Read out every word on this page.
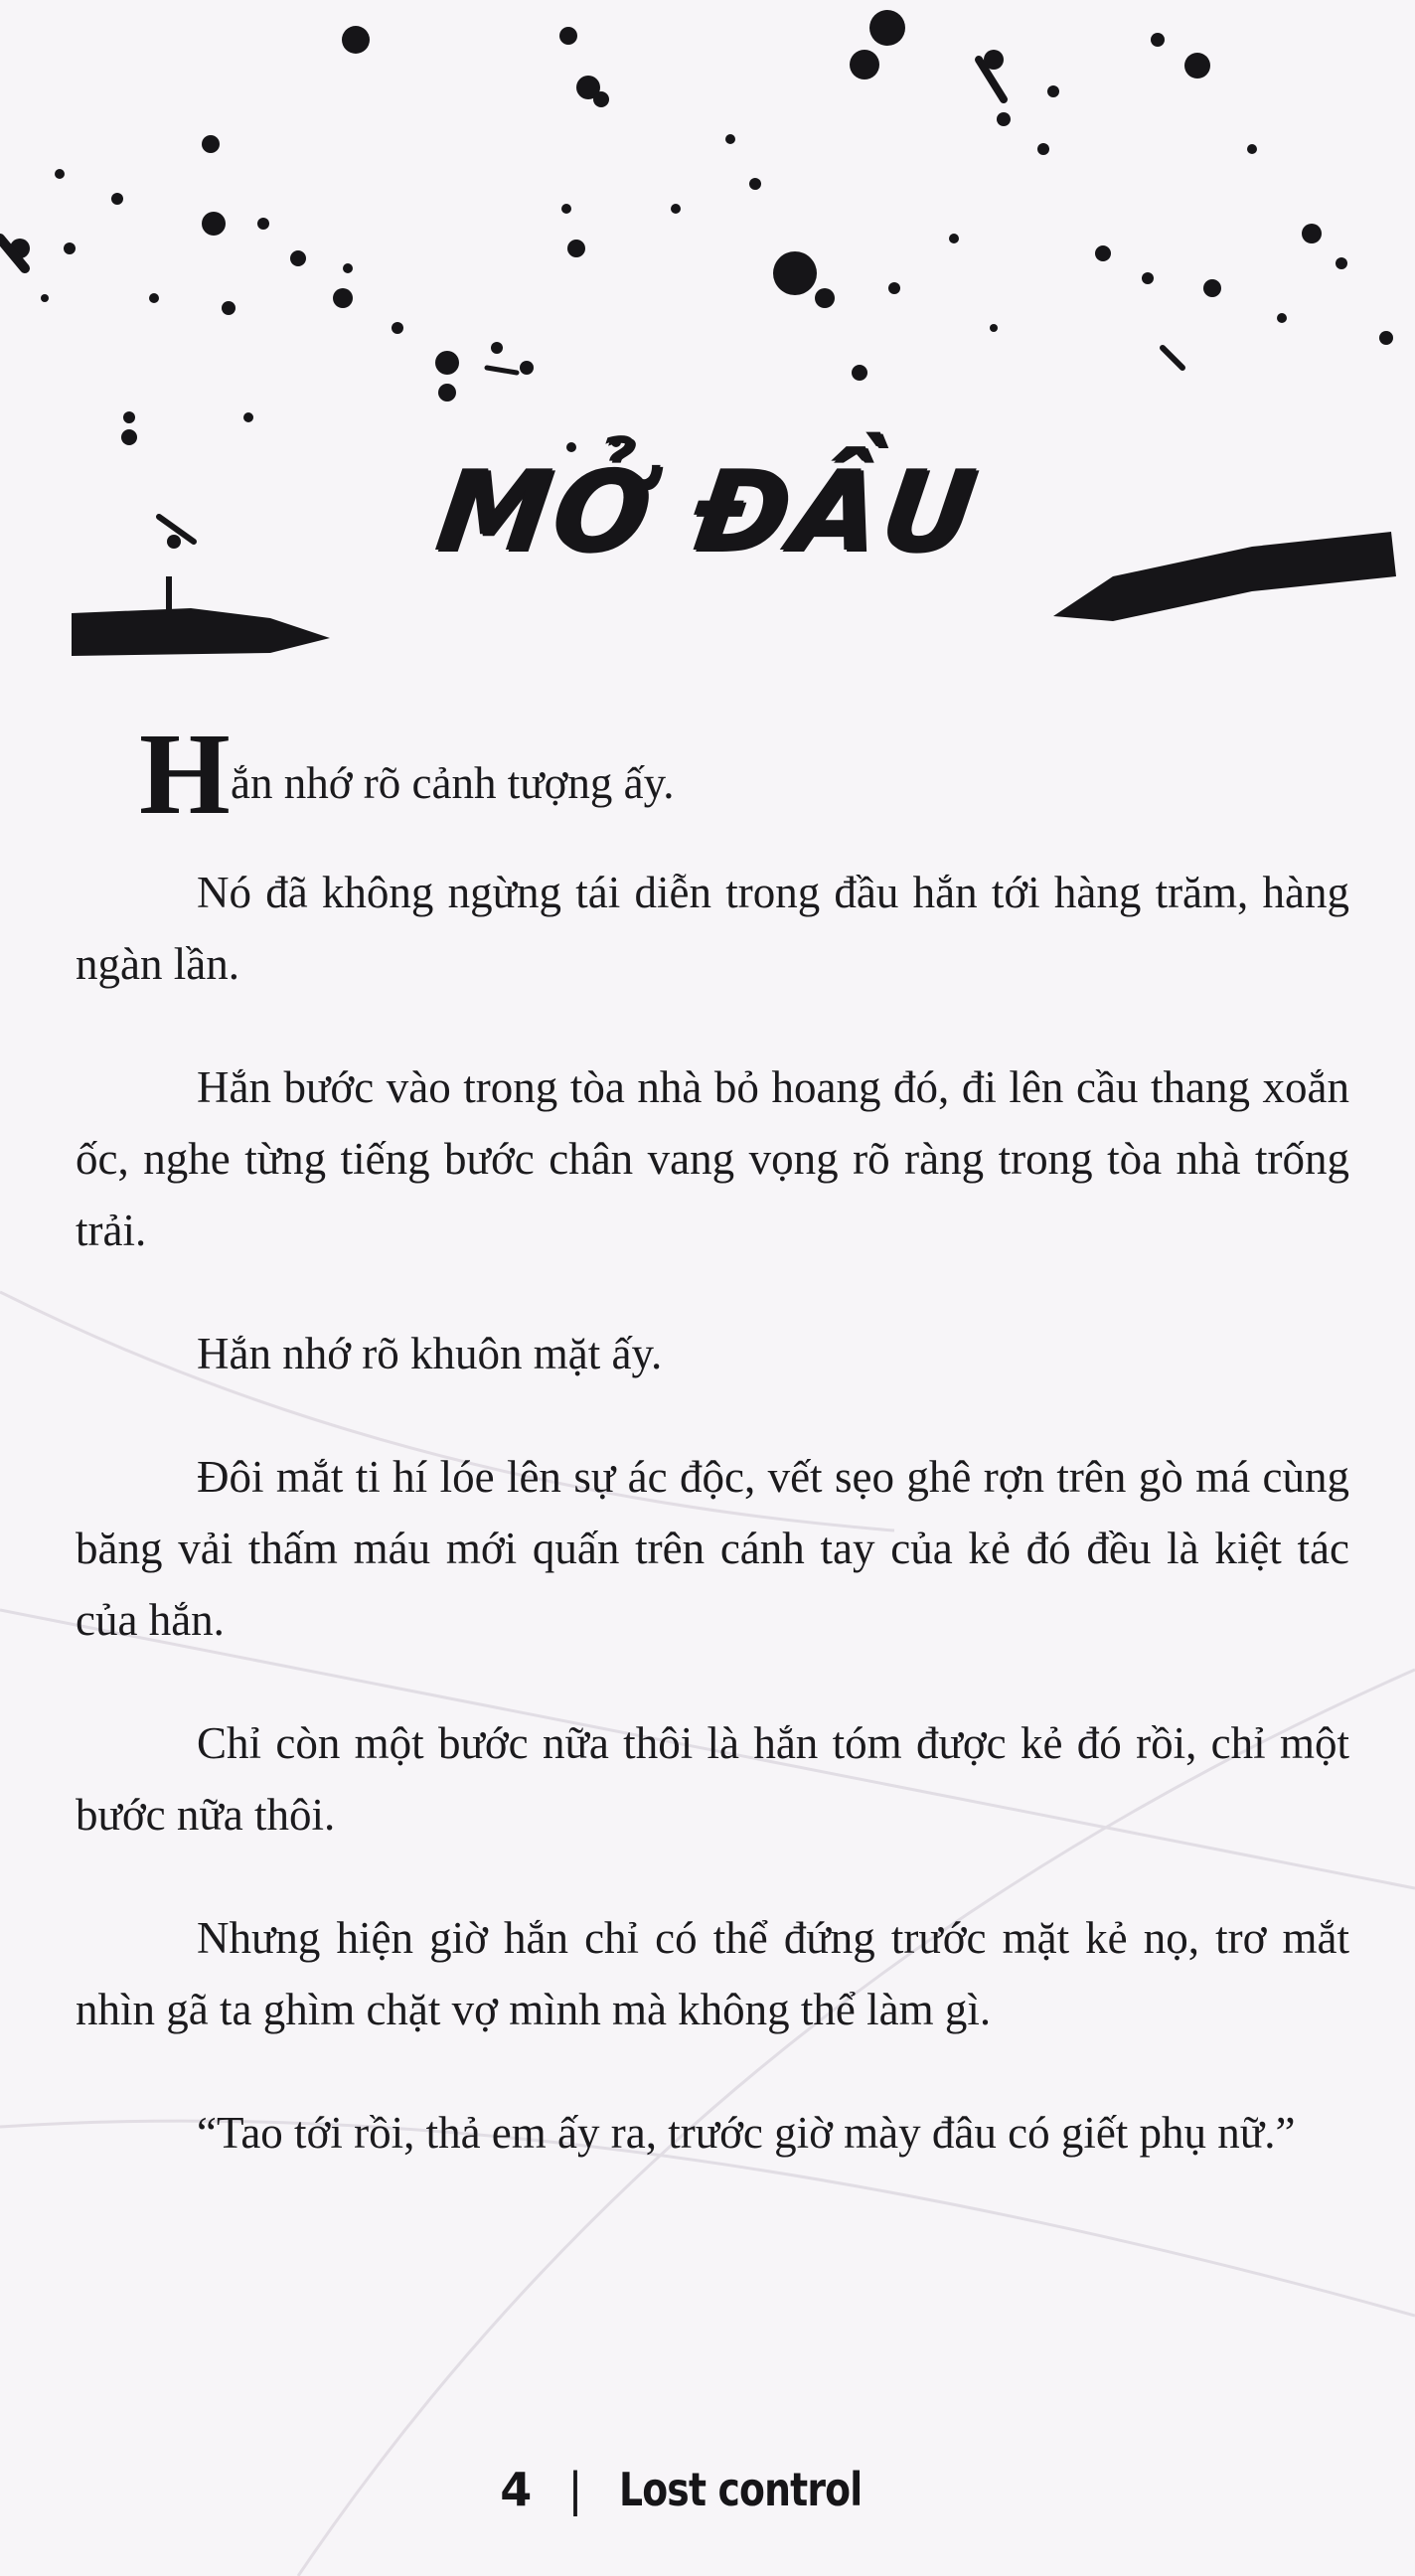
MỞ ĐẦU
H ắn nhớ rõ cảnh tượng ấy.

Nó đã không ngừng tái diễn trong đầu hắn tới hàng trăm, hàng ngàn lần.

Hắn bước vào trong tòa nhà bỏ hoang đó, đi lên cầu thang xoắn ốc, nghe từng tiếng bước chân vang vọng rõ ràng trong tòa nhà trống trải.

Hắn nhớ rõ khuôn mặt ấy.

Đôi mắt ti hí lóe lên sự ác độc, vết sẹo ghê rợn trên gò má cùng băng vải thấm máu mới quấn trên cánh tay của kẻ đó đều là kiệt tác của hắn.

Chỉ còn một bước nữa thôi là hắn tóm được kẻ đó rồi, chỉ một bước nữa thôi.

Nhưng hiện giờ hắn chỉ có thể đứng trước mặt kẻ nọ, trơ mắt nhìn gã ta ghìm chặt vợ mình mà không thể làm gì.

“Tao tới rồi, thả em ấy ra, trước giờ mày đâu có giết phụ nữ.”

4 | Lost control
